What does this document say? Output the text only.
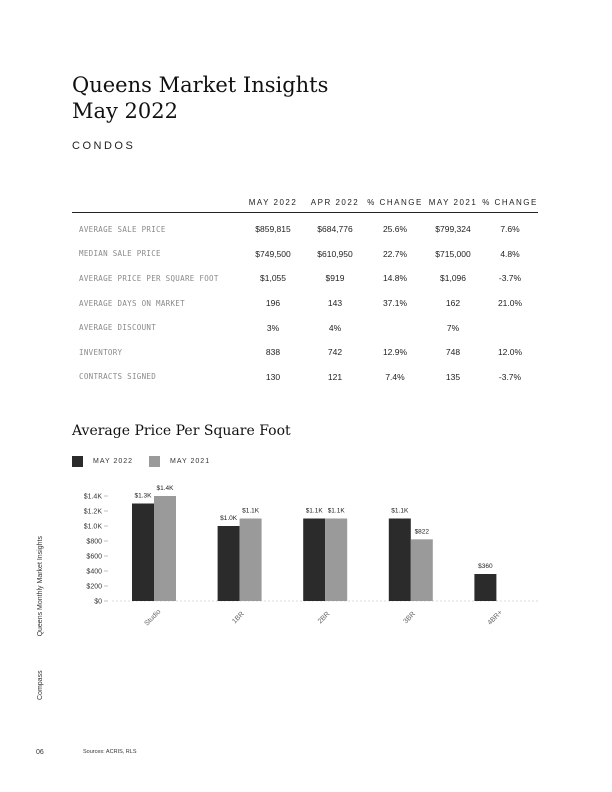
Queens Market Insights
May 2022
CONDOS
	MAY 2022	APR 2022	% CHANGE	MAY 2021	% CHANGE
AVERAGE SALE PRICE	$859,815	$684,776	25.6%	$799,324	7.6%
MEDIAN SALE PRICE	$749,500	$610,950	22.7%	$715,000	4.8%
AVERAGE PRICE PER SQUARE FOOT	$1,055	$919	14.8%	$1,096	-3.7%
AVERAGE DAYS ON MARKET	196	143	37.1%	162	21.0%
AVERAGE DISCOUNT	3%	4%		7%	
INVENTORY	838	742	12.9%	748	12.0%
CONTRACTS SIGNED	130	121	7.4%	135	-3.7%
Average Price Per Square Foot
MAY 2022	MAY 2021
$0
$200
$400
$600
$800
$1.0K
$1.2K
$1.4K	$1.3K
$1.4K
Studio
$1.0K
$1.1K
1BR
$1.1K $1.1K
2BR
$1.1K
$822
3BR
$360
4BR+
CompassQueens Monthly Market Insights
06	Sources: ACRIS, RLS
